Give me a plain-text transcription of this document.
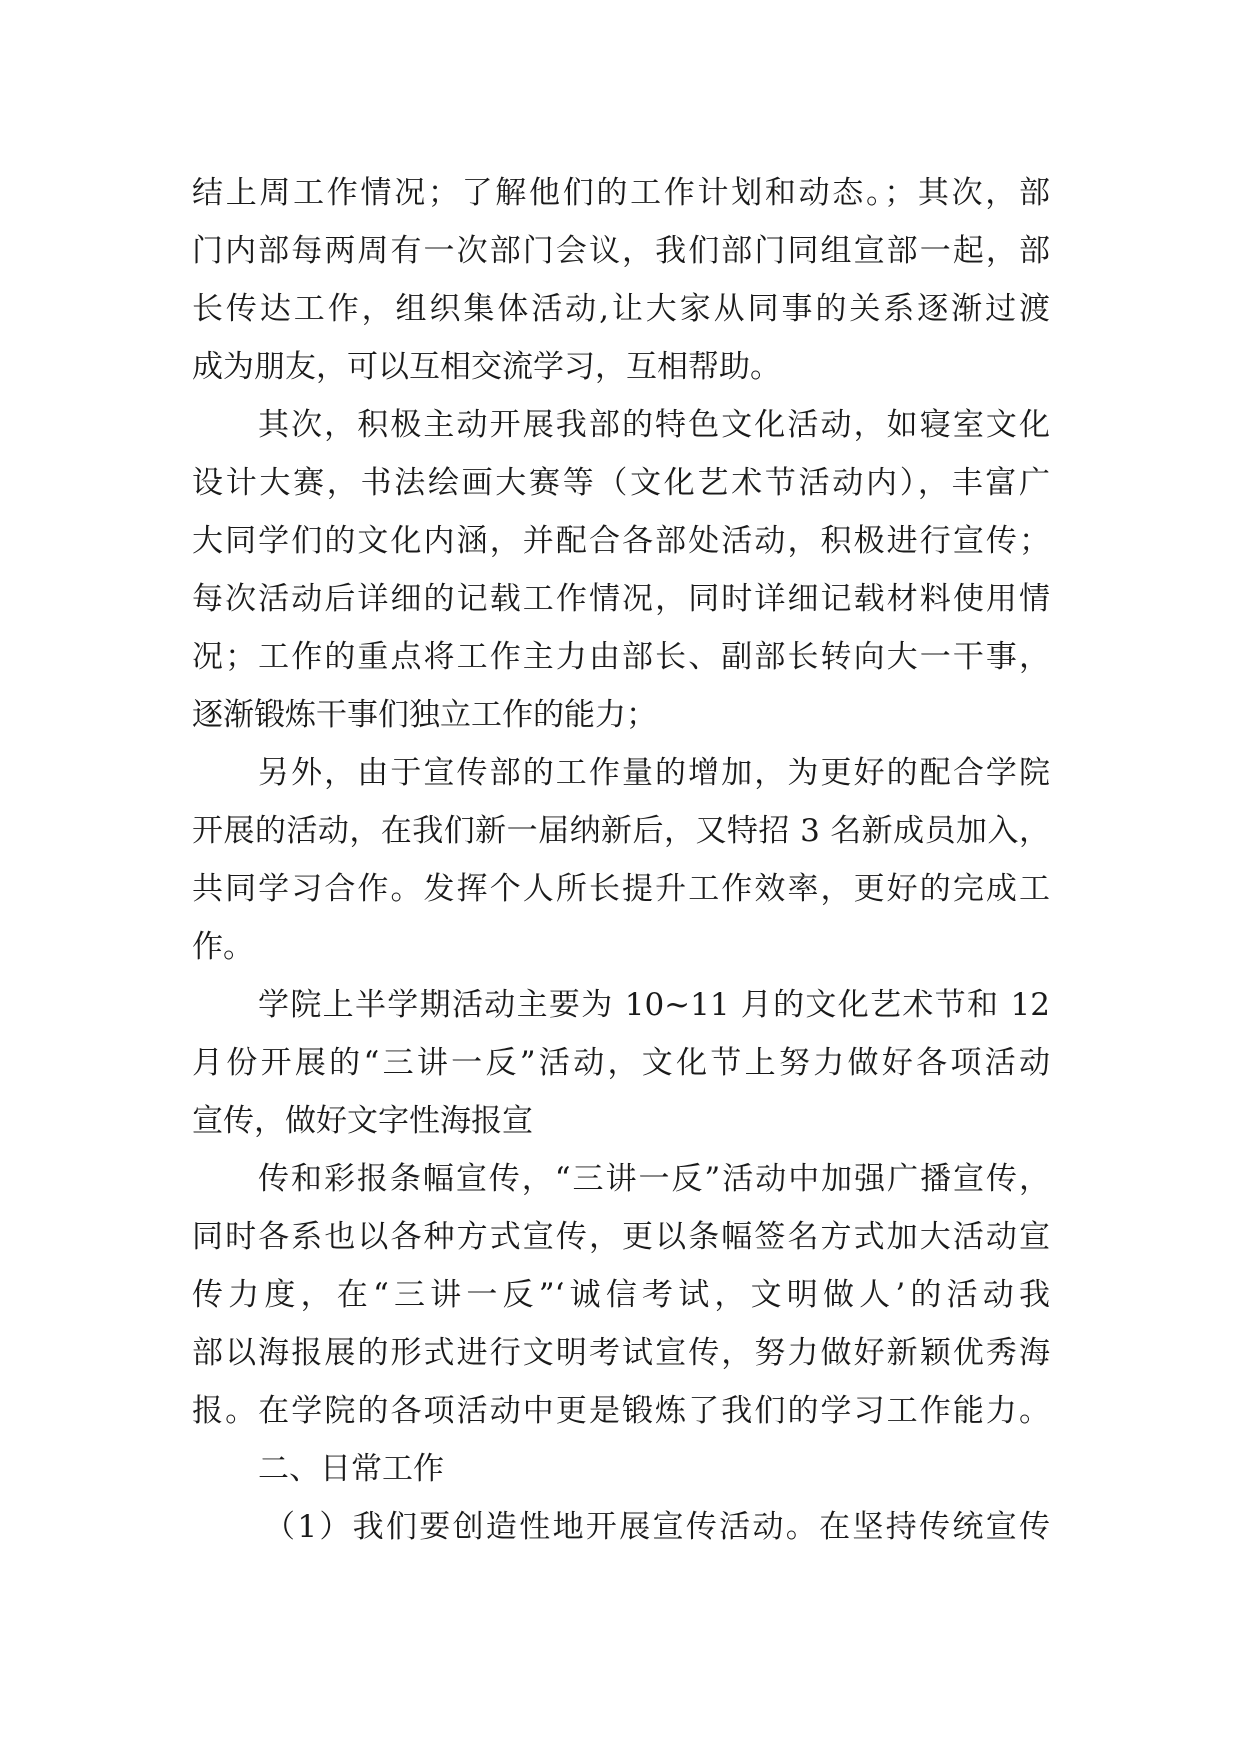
结上周工作情况；了解他们的工作计划和动态。；其次，部
门内部每两周有一次部门会议，我们部门同组宣部一起，部
长传达工作，组织集体活动,让大家从同事的关系逐渐过渡
成为朋友，可以互相交流学习，互相帮助。
其次，积极主动开展我部的特色文化活动，如寝室文化
设计大赛，书法绘画大赛等（文化艺术节活动内），丰富广
大同学们的文化内涵，并配合各部处活动，积极进行宣传；
每次活动后详细的记载工作情况，同时详细记载材料使用情
况；工作的重点将工作主力由部长、副部长转向大一干事，
逐渐锻炼干事们独立工作的能力；
另外，由于宣传部的工作量的增加，为更好的配合学院
开展的活动，在我们新一届纳新后，又特招 3 名新成员加入，
共同学习合作。发挥个人所长提升工作效率，更好的完成工
作。
学院上半学期活动主要为 10~11 月的文化艺术节和 12
月份开展的“三讲一反”活动，文化节上努力做好各项活动
宣传，做好文字性海报宣
传和彩报条幅宣传，“三讲一反”活动中加强广播宣传，
同时各系也以各种方式宣传，更以条幅签名方式加大活动宣
传力度，在“三讲一反”‘诚信考试，文明做人’的活动我
部以海报展的形式进行文明考试宣传，努力做好新颖优秀海
报。在学院的各项活动中更是锻炼了我们的学习工作能力。
二、日常工作
（1）我们要创造性地开展宣传活动。在坚持传统宣传
